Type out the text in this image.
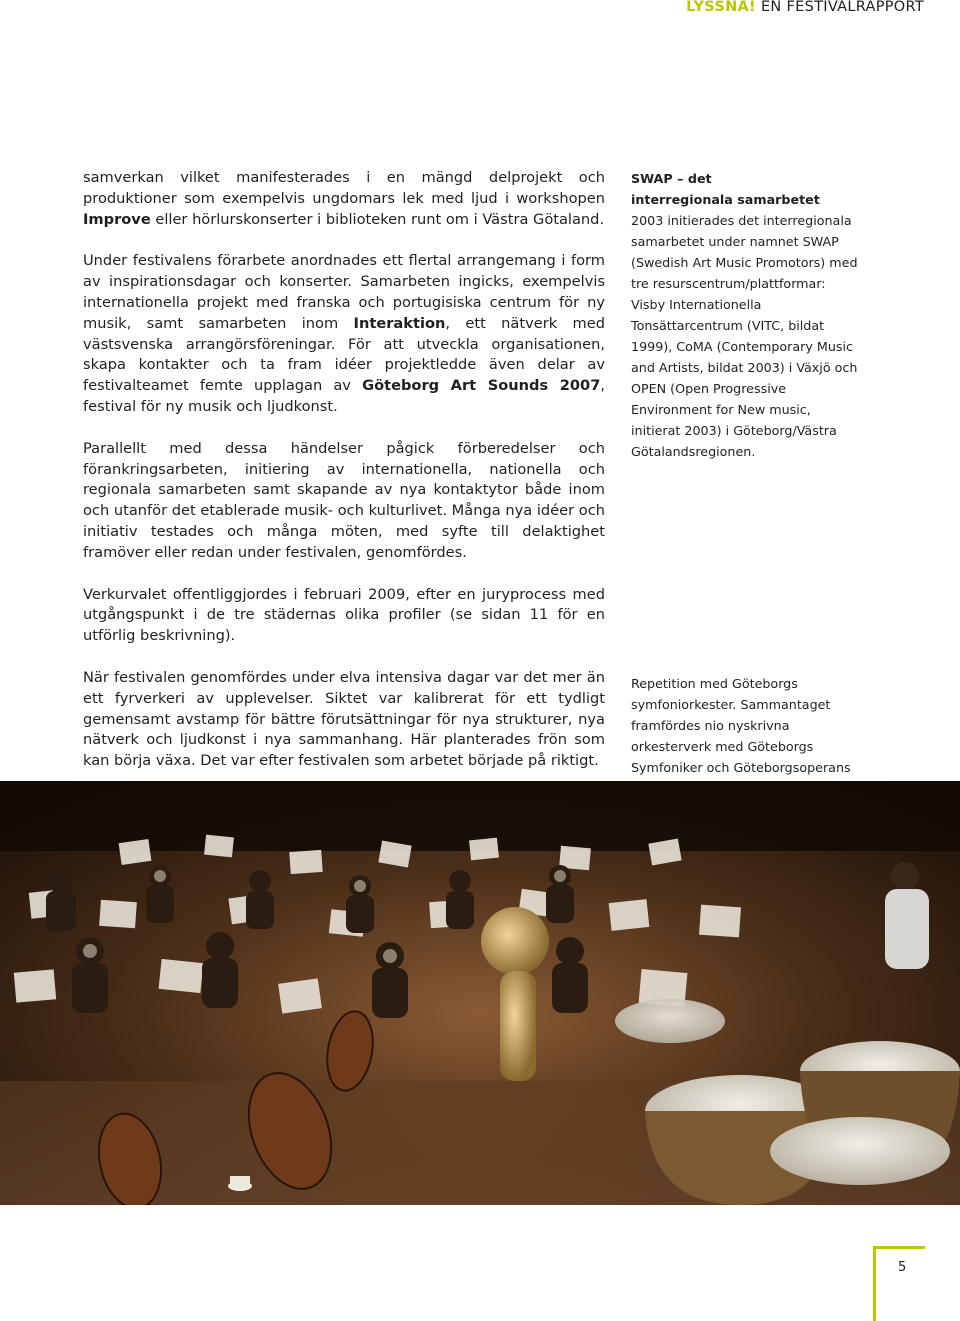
LYSSNA! EN FESTIVALRAPPORT

samverkan vilket manifesterades i en mängd delprojekt och produktioner som exempelvis ungdomars lek med ljud i workshopen Improve eller hörlurskonserter i biblioteken runt om i Västra Götaland.

Under festivalens förarbete anordnades ett flertal arrangemang i form av inspirationsdagar och konserter. Samarbeten ingicks, exempelvis internationella projekt med franska och portugisiska centrum för ny musik, samt samarbeten inom Interaktion, ett nätverk med västsvenska arrangörsföreningar. För att utveckla organisationen, skapa kontakter och ta fram idéer projektledde även delar av festivalteamet femte upplagan av Göteborg Art Sounds 2007, festival för ny musik och ljudkonst.

Parallellt med dessa händelser pågick förberedelser och förankringsarbeten, initiering av internationella, nationella och regionala samarbeten samt skapande av nya kontaktytor både inom och utanför det etablerade musik- och kulturlivet. Många nya idéer och initiativ testades och många möten, med syfte till delaktighet framöver eller redan under festivalen, genomfördes.

Verkurvalet offentliggjordes i februari 2009, efter en juryprocess med utgångspunkt i de tre städernas olika profiler (se sidan 11 för en utförlig beskrivning).

När festivalen genomfördes under elva intensiva dagar var det mer än ett fyrverkeri av upplevelser. Siktet var kalibrerat för ett tydligt gemensamt avstamp för bättre förutsättningar för nya strukturer, nya nätverk och ljudkonst i nya sammanhang. Här planterades frön som kan börja växa. Det var efter festivalen som arbetet började på riktigt.

SWAP – det
interregionala samarbetet
2003 initierades det interregionala samarbetet under namnet SWAP (Swedish Art Music Promotors) med tre resurscentrum/plattformar: Visby Internationella Tonsättarcentrum (VITC, bildat 1999), CoMA (Contemporary Music and Artists, bildat 2003) i Växjö och OPEN (Open Progressive Environment for New music, initierat 2003) i Göteborg/Västra Götalandsregionen.
Repetition med Göteborgs symfoniorkester. Sammantaget framfördes nio nyskrivna orkesterverk med Göteborgs Symfoniker och Göteborgsoperans
5
